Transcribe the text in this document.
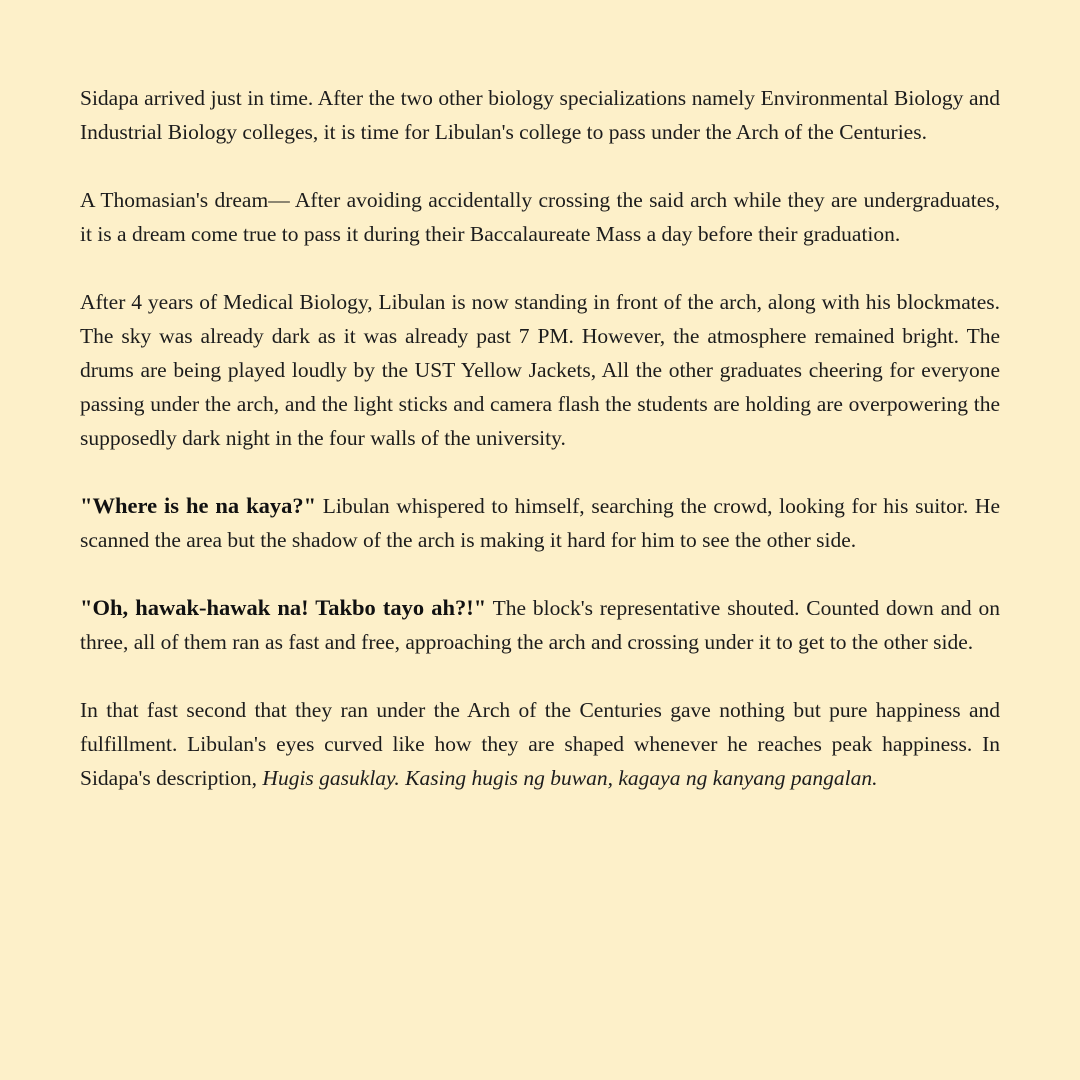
Sidapa arrived just in time. After the two other biology specializations namely Environmental Biology and Industrial Biology colleges, it is time for Libulan's college to pass under the Arch of the Centuries.

A Thomasian's dream— After avoiding accidentally crossing the said arch while they are undergraduates, it is a dream come true to pass it during their Baccalaureate Mass a day before their graduation.

After 4 years of Medical Biology, Libulan is now standing in front of the arch, along with his blockmates. The sky was already dark as it was already past 7 PM. However, the atmosphere remained bright. The drums are being played loudly by the UST Yellow Jackets, All the other graduates cheering for everyone passing under the arch, and the light sticks and camera flash the students are holding are overpowering the supposedly dark night in the four walls of the university.

"Where is he na kaya?" Libulan whispered to himself, searching the crowd, looking for his suitor. He scanned the area but the shadow of the arch is making it hard for him to see the other side.

"Oh, hawak-hawak na! Takbo tayo ah?!" The block's representative shouted. Counted down and on three, all of them ran as fast and free, approaching the arch and crossing under it to get to the other side.

In that fast second that they ran under the Arch of the Centuries gave nothing but pure happiness and fulfillment. Libulan's eyes curved like how they are shaped whenever he reaches peak happiness. In Sidapa's description, Hugis gasuklay. Kasing hugis ng buwan, kagaya ng kanyang pangalan.
